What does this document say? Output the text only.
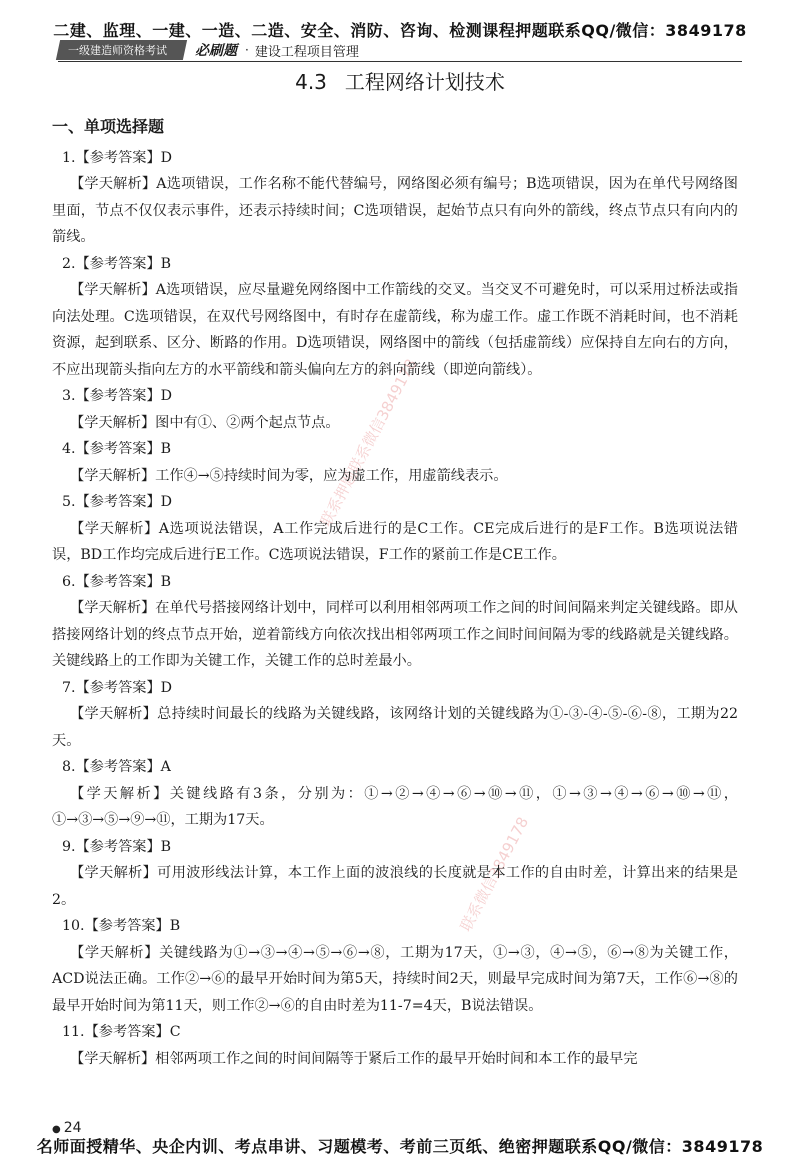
二建、监理、一建、一造、二造、安全、消防、咨询、检测课程押题联系QQ/微信：3849178
一级建造师资格考试	必刷题 · 建设工程项目管理
4.3 工程网络计划技术
联系押题联系微信3849178
联系微信3849178
一、单项选择题
1.【参考答案】D
【学天解析】A选项错误，工作名称不能代替编号，网络图必须有编号；B选项错误，因为在单代号网络图里面，节点不仅仅表示事件，还表示持续时间；C选项错误，起始节点只有向外的箭线，终点节点只有向内的箭线。
2.【参考答案】B
【学天解析】A选项错误，应尽量避免网络图中工作箭线的交叉。当交叉不可避免时，可以采用过桥法或指向法处理。C选项错误，在双代号网络图中，有时存在虚箭线，称为虚工作。虚工作既不消耗时间，也不消耗资源，起到联系、区分、断路的作用。D选项错误，网络图中的箭线（包括虚箭线）应保持自左向右的方向，不应出现箭头指向左方的水平箭线和箭头偏向左方的斜向箭线（即逆向箭线）。
3.【参考答案】D
【学天解析】图中有①、②两个起点节点。
4.【参考答案】B
【学天解析】工作④→⑤持续时间为零，应为虚工作，用虚箭线表示。
5.【参考答案】D
【学天解析】A选项说法错误，A工作完成后进行的是C工作。CE完成后进行的是F工作。B选项说法错误，BD工作均完成后进行E工作。C选项说法错误，F工作的紧前工作是CE工作。
6.【参考答案】B
【学天解析】在单代号搭接网络计划中，同样可以利用相邻两项工作之间的时间间隔来判定关键线路。即从搭接网络计划的终点节点开始，逆着箭线方向依次找出相邻两项工作之间时间间隔为零的线路就是关键线路。关键线路上的工作即为关键工作，关键工作的总时差最小。
7.【参考答案】D
【学天解析】总持续时间最长的线路为关键线路，该网络计划的关键线路为①-③-④-⑤-⑥-⑧，工期为22天。
8.【参考答案】A
【学天解析】关键线路有3条，分别为：①→②→④→⑥→⑩→⑪，①→③→④→⑥→⑩→⑪，①→③→⑤→⑨→⑪，工期为17天。
9.【参考答案】B
【学天解析】可用波形线法计算，本工作上面的波浪线的长度就是本工作的自由时差，计算出来的结果是2。
10.【参考答案】B
【学天解析】关键线路为①→③→④→⑤→⑥→⑧，工期为17天，①→③，④→⑤，⑥→⑧为关键工作，ACD说法正确。工作②→⑥的最早开始时间为第5天，持续时间2天，则最早完成时间为第7天，工作⑥→⑧的最早开始时间为第11天，则工作②→⑥的自由时差为11-7=4天，B说法错误。
11.【参考答案】C
【学天解析】相邻两项工作之间的时间间隔等于紧后工作的最早开始时间和本工作的最早完
● 24
名师面授精华、央企内训、考点串讲、习题模考、考前三页纸、绝密押题联系QQ/微信：3849178
